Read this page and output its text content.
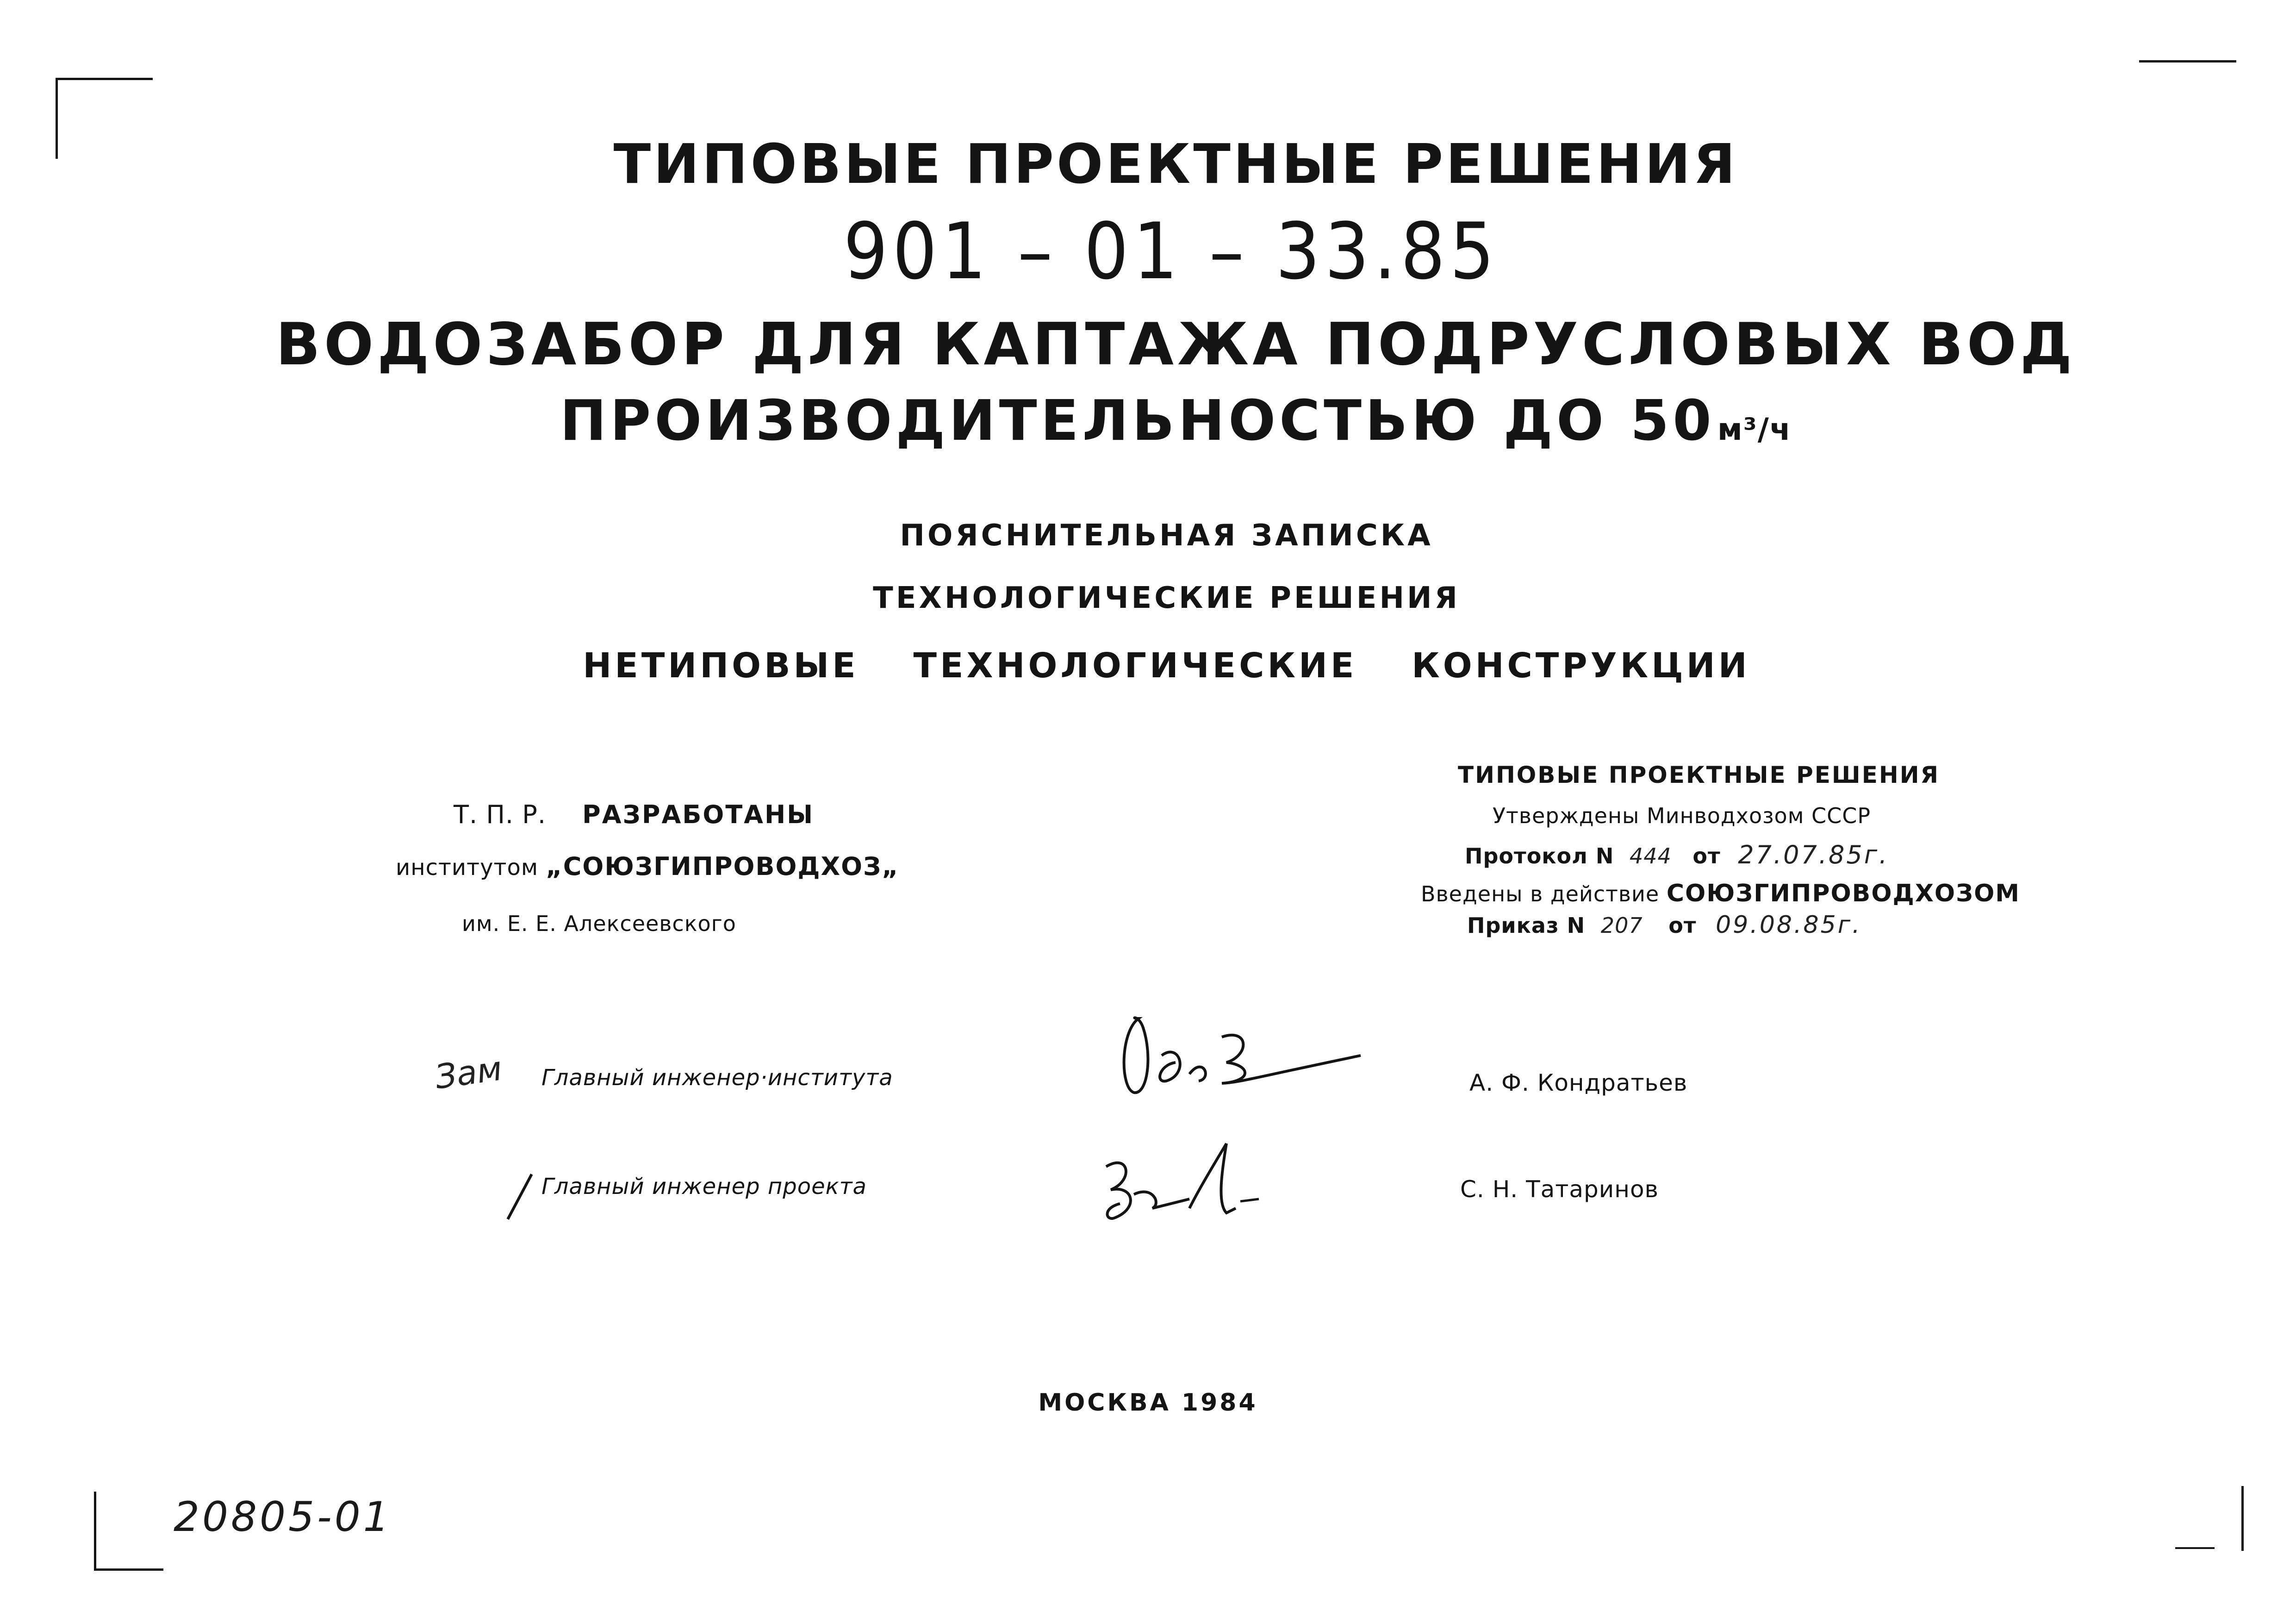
ТИПОВЫЕ ПРОЕКТНЫЕ РЕШЕНИЯ
901 – 01 – 33.85
ВОДОЗАБОР ДЛЯ КАПТАЖА ПОДРУСЛОВЫХ ВОД
ПРОИЗВОДИТЕЛЬНОСТЬЮ ДО 50 м³/ч
ПОЯСНИТЕЛЬНАЯ ЗАПИСКА
ТЕХНОЛОГИЧЕСКИЕ РЕШЕНИЯ
НЕТИПОВЫЕ ТЕХНОЛОГИЧЕСКИЕ КОНСТРУКЦИИ
Т. П. Р. РАЗРАБОТАНЫ
институтом „СОЮЗГИПРОВОДХОЗ„
им. Е. Е. Алексеевского
ТИПОВЫЕ ПРОЕКТНЫЕ РЕШЕНИЯ
Утверждены Минводхозом СССР
Протокол N 444 от 27.07.85г.
Введены в действие СОЮЗГИПРОВОДХОЗОМ
Приказ N 207 от 09.08.85г.
Зам Главный инженер·института	А. Ф. Кондратьев
Главный инженер проекта	С. Н. Татаринов
МОСКВА 1984
20805-01
